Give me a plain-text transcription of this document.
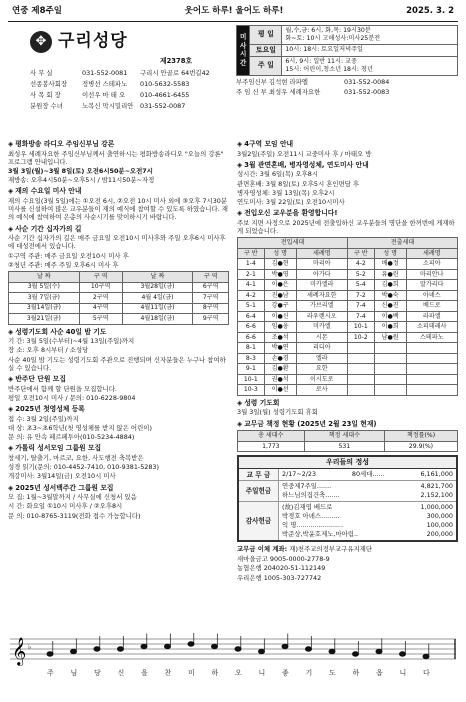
연중 제8주일	웃어도 하루! 울어도 하루!	2025. 3. 2
✥ 구리성당
제2378호
사 무 실	031-552-0081	구리시 안골로 64번길42
선종봉사회장	정병선 스테파노	010-5632-5583
사 목 회 장	이선우 마 태 오	010-4661-6455
분원장 수녀	노복신 막시밀리안	031-552-0087
미사시간	평 일	월,수,금: 6시, 화,목: 19시30분
화~토: 10시 고해성사:미사25분전

	토요일	10시: 18시: 토요일저녁주일

	주 일	6시, 9시: 일반 11시: 교중
15시: 어린이,청소년 18시: 청년
부주임신부 김석현 라파엘	031-552-0084
주 임 신 부 최성우 세례자요한	031-552-0083
◈ 평화방송 라디오 주임신부님 강론

최성우 세례자요한 주임신부님께서 출연하시는 평화방송라디오 "오늘의 강론" 프로그램 안내입니다.

3월 3일(월)~3월 8일(토) 오전6시50분~오전7시

재방송: 오후4시50분~오후5시 / 밤11시50분~자정

◈ 재의 수요일 미사 안내

재의 수요일(3월 5일)에는 ①오전 6시, ②오전 10시 미사 외에 ③오후 7시30분 미사를 신설하여 많은 교우분들이 재의 예식에 참여할 수 있도록 하였습니다. 재의 예식에 참여하여 은총의 사순시기를 맞이하시기 바랍니다.

◈ 사순 기간 십자가의 길

사순 기간 십자가의 길은 매주 금요일 오전10시 미사후와 주일 오후6시 미사후에 대성전에서 있습니다.

①구역 주관: 매주 금요일 오전10시 미사 후

②청년 주관: 매주 주일 오후6시 미사 후

날 짜	구 역	날 짜	구 역
3월 5일(수)	10구역	3월28일(금)	6구역
3월 7일(금)	2구역	4월 4일(금)	7구역
3월14일(금)	4구역	4월11일(금)	8구역
3월21일(금)	5구역	4월18일(금)	9구역
◈ 성령기도회 사순 40일 밤 기도

기 간: 3월 5일(수부터)~4월 13일(주일)까지

장 소: 오후 8시부터 / 소성당

사순 40일 밤 기도는 성령기도회 주관으로 진행되며 신자분들은 누구나 참여하실 수 있습니다.

◈ 반주단 단원 모집

반주단에서 함께 할 단원을 모집합니다.

평일 오전10시 미사 / 문의: 010-6228-9804

◈ 2025년 첫영성체 등록

접 수: 3월 2일(주일)까지

대 상: 초3~초6학년(첫 영성체를 받지 않은 어린이)

문 의: 유 안속 페르페투아(010-5234-4884)

◈ 가톨릭 성서모임 그룹원 모집

창세기, 탈출기, 마르코, 요한, 사도행전 축복받은

성경 읽기(문의: 010-4452-7410, 010-9381-5283)

개강미사: 3월14일(금) 오전10시 미사

◈ 2025년 성서백주간 그룹원 모집

모 집: 1월~3월말까지 / 사무실에 신청서 있음

시 간: 화요일 ①10시 미사후 / ②오후8시

문 의: 010-8765-3119(전화 접수 가능합니다)

◈ 4구역 모임 안내

3월2일(주일) 오전11시 교중미사 후 / 마태오 방

◈ 3월 관면혼배, 병자영성체, 연도미사 안내

성시간: 3월 6일(목) 오후8시

관면혼배: 3월 8일(토) 오후5시 혼인면담 후

병자영성체: 3월 13일(목) 오후2시

연도미사: 3월 22일(토) 오전10시미사

◈ 전입오신 교우분을 환영합니다!

주보 지면 사정으로 2025년에 전출입하신 교우분들의 명단을 한꺼번에 게재하게 되었습니다.

전입세대			전출세대		
구 반	성 명	세례명	구 반	성 명	세례명
1-4	김●현	마리아	4-2	배●정	소피아
2-1	박●영	아가다	5-2	유●린	마리안나
4-1	이●은	미카엘라	5-4	김●희	말가리다
4-2	진●남	세례자요한	7-2	박●숙	아녜스
5-1	강●구	가브리엘	7-4	신●진	베드로
6-4	이●신	라우렌시오	7-4	이●백	라파엘
6-6	임●웅	미카엘	10-1	이●희	소피데레사
6-6	조●석	시몬	10-2	남●원	스테파노
8-1	박●연	리디아			
8-3	손●경	엘라			
9-1	김●환	요한			
10-1	권●석	이시도로			
10-3	이●선	로사			
◈ 성령 기도회

3월 3일(월) 성령기도회 휴회

◈ 교무금 책정 현황 (2025년 2월 23일 현재)
총 세대수	책정 세대수	책정률(%)
1,773	531	29.9(%)
우리들의 정성
교 무 금	2/17~2/23	80세대......	6,161,000
주일헌금
연중제7주일.......	4,821,700
하느님의집건축.......	2,152,100
감사헌금
(故)김재엽 베드로	1,000,000
박경호 아녜스.........	300,000
익 명.......................	100,000
박준상,박윤호제노,마아림..	200,000

교무금 이체 계좌: 재)천주교의정부교구유지재단

새마을금고 9005-0000-2778-9

농협은행 204020-51-112149

우리은행 1005-303-727742

𝄞 ♭
주 님 당 신 을 찬 미 하 오 니 좋 기 도 하 옵 니 다
